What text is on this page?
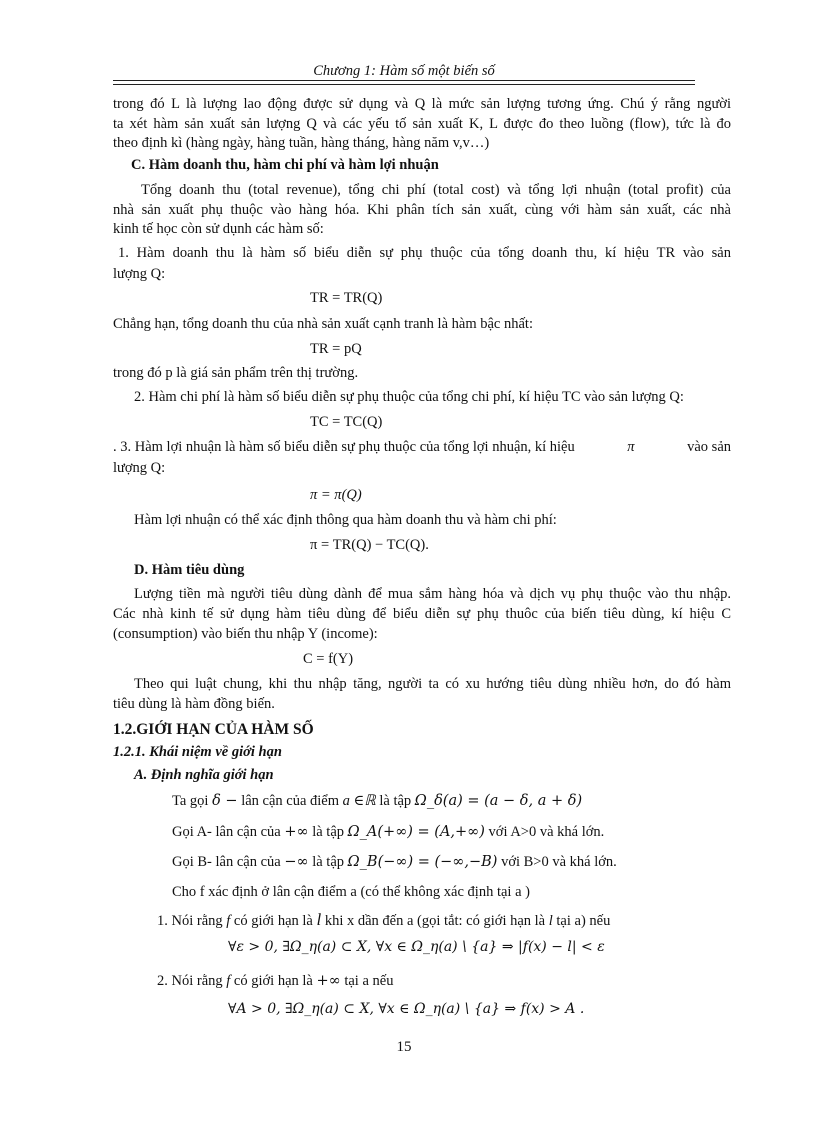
Chương 1: Hàm số một biến số
trong đó L là lượng lao động được sử dụng và Q là mức sản lượng tương ứng. Chú ý rằng người
ta xét hàm sản xuất sản lượng Q và các yếu tố sản xuất K, L được đo theo luồng (flow), tức là đo
theo định kì (hàng ngày, hàng tuần, hàng tháng, hàng năm v,v…)
C. Hàm doanh thu, hàm chi phí và hàm lợi nhuận
Tổng doanh thu (total revenue), tổng chi phí (total cost) và tổng lợi nhuận (total profit) của
nhà sản xuất phụ thuộc vào hàng hóa. Khi phân tích sản xuất, cùng với hàm sản xuất, các nhà
kinh tế học còn sử dụnh các hàm số:
1. Hàm doanh thu là hàm số biểu diễn sự phụ thuộc của tổng doanh thu, kí hiệu TR vào sản
lượng Q:
TR = TR(Q)
Chẳng hạn, tổng doanh thu của nhà sản xuất cạnh tranh là hàm bậc nhất:
TR = pQ
trong đó p là giá sản phẩm trên thị trường.
2. Hàm chi phí là hàm số biểu diễn sự phụ thuộc của tổng chi phí, kí hiệu TC vào sản lượng Q:
TC = TC(Q)
. 3. Hàm lợi nhuận là hàm số biểu diễn sự phụ thuộc của tổng lợi nhuận, kí hiệu	π	vào sản
lượng Q:
π = π(Q)
Hàm lợi nhuận có thể xác định thông qua hàm doanh thu và hàm chi phí:
π = TR(Q) − TC(Q).
D. Hàm tiêu dùng
Lượng tiền mà người tiêu dùng dành để mua sắm hàng hóa và dịch vụ phụ thuộc vào thu nhập.
Các nhà kinh tế sử dụng hàm tiêu dùng để biểu diễn sự phụ thuôc của biến tiêu dùng, kí hiệu C
(consumption) vào biến thu nhập Y (income):
C = f(Y)
Theo qui luật chung, khi thu nhập tăng, người ta có xu hướng tiêu dùng nhiều hơn, do đó hàm
tiêu dùng là hàm đồng biến.
1.2.GIỚI HẠN CỦA HÀM SỐ
1.2.1. Khái niệm về giới hạn
A. Định nghĩa giới hạn
Ta gọi δ − lân cận của điểm a ∈ℝ là tập Ω_δ(a) = (a − δ, a + δ)
Gọi A- lân cận của +∞ là tập Ω_A(+∞) = (A,+∞) với A>0 và khá lớn.
Gọi B- lân cận của −∞ là tập Ω_B(−∞) = (−∞,−B) với B>0 và khá lớn.
Cho f xác định ở lân cận điểm a (có thể không xác định tại a )
1. Nói rằng f có giới hạn là l khi x dần đến a (gọi tắt: có giới hạn là l tại a) nếu
∀ε > 0, ∃Ω_η(a) ⊂ X, ∀x ∈ Ω_η(a) \ {a} ⇒ |f(x) − l| < ε
2. Nói rằng f có giới hạn là +∞ tại a nếu
∀A > 0, ∃Ω_η(a) ⊂ X, ∀x ∈ Ω_η(a) \ {a} ⇒ f(x) > A .
15
